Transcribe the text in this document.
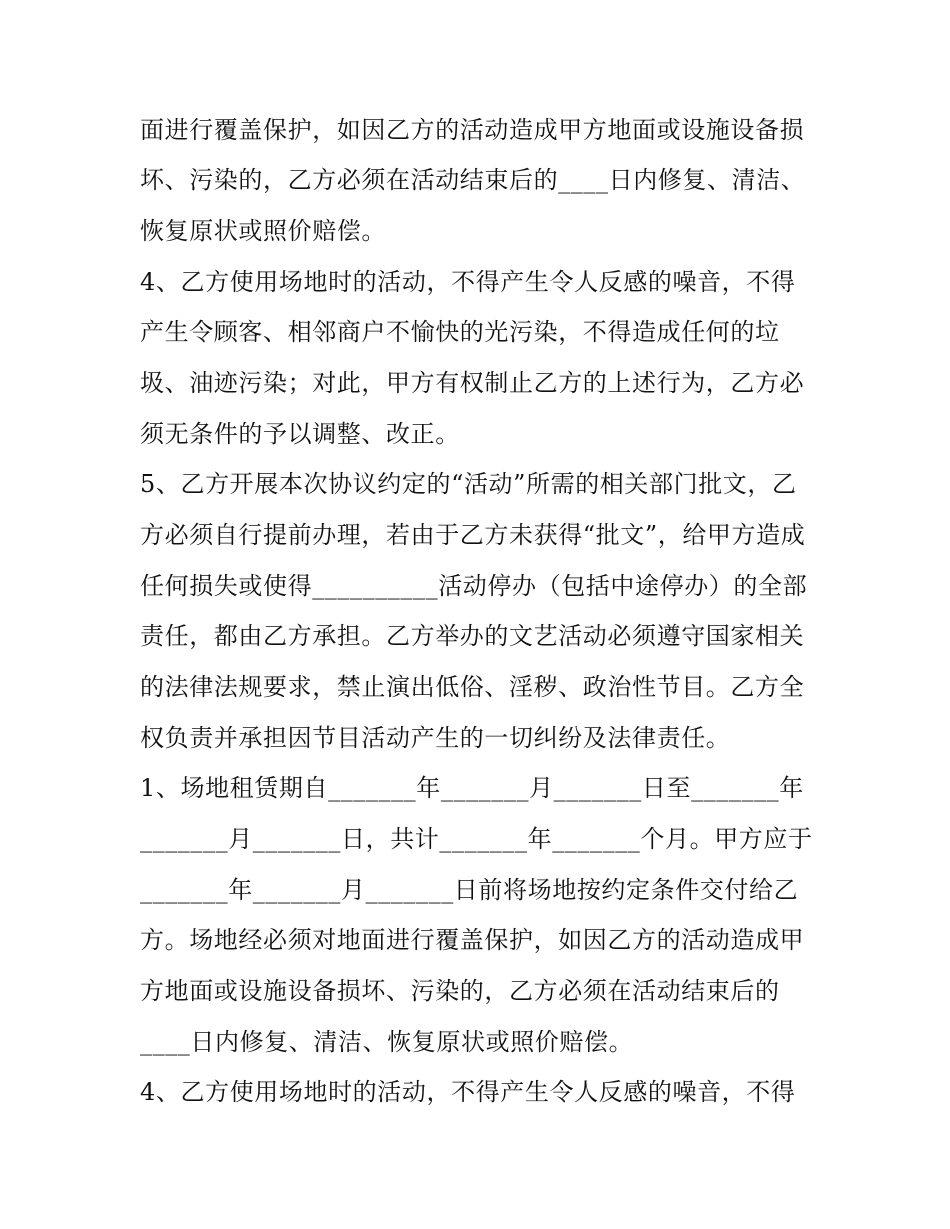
面进行覆盖保护，如因乙方的活动造成甲方地面或设施设备损
坏、污染的，乙方必须在活动结束后的____日内修复、清洁、
恢复原状或照价赔偿。
4、乙方使用场地时的活动，不得产生令人反感的噪音，不得
产生令顾客、相邻商户不愉快的光污染，不得造成任何的垃
圾、油迹污染；对此，甲方有权制止乙方的上述行为，乙方必
须无条件的予以调整、改正。
5、乙方开展本次协议约定的“活动”所需的相关部门批文，乙
方必须自行提前办理，若由于乙方未获得“批文”，给甲方造成
任何损失或使得__________活动停办（包括中途停办）的全部
责任，都由乙方承担。乙方举办的文艺活动必须遵守国家相关
的法律法规要求，禁止演出低俗、淫秽、政治性节目。乙方全
权负责并承担因节目活动产生的一切纠纷及法律责任。
1、场地租赁期自_______年_______月_______日至_______年
_______月_______日，共计_______年_______个月。甲方应于
_______年_______月_______日前将场地按约定条件交付给乙
方。场地经必须对地面进行覆盖保护，如因乙方的活动造成甲
方地面或设施设备损坏、污染的，乙方必须在活动结束后的
____日内修复、清洁、恢复原状或照价赔偿。
4、乙方使用场地时的活动，不得产生令人反感的噪音，不得
